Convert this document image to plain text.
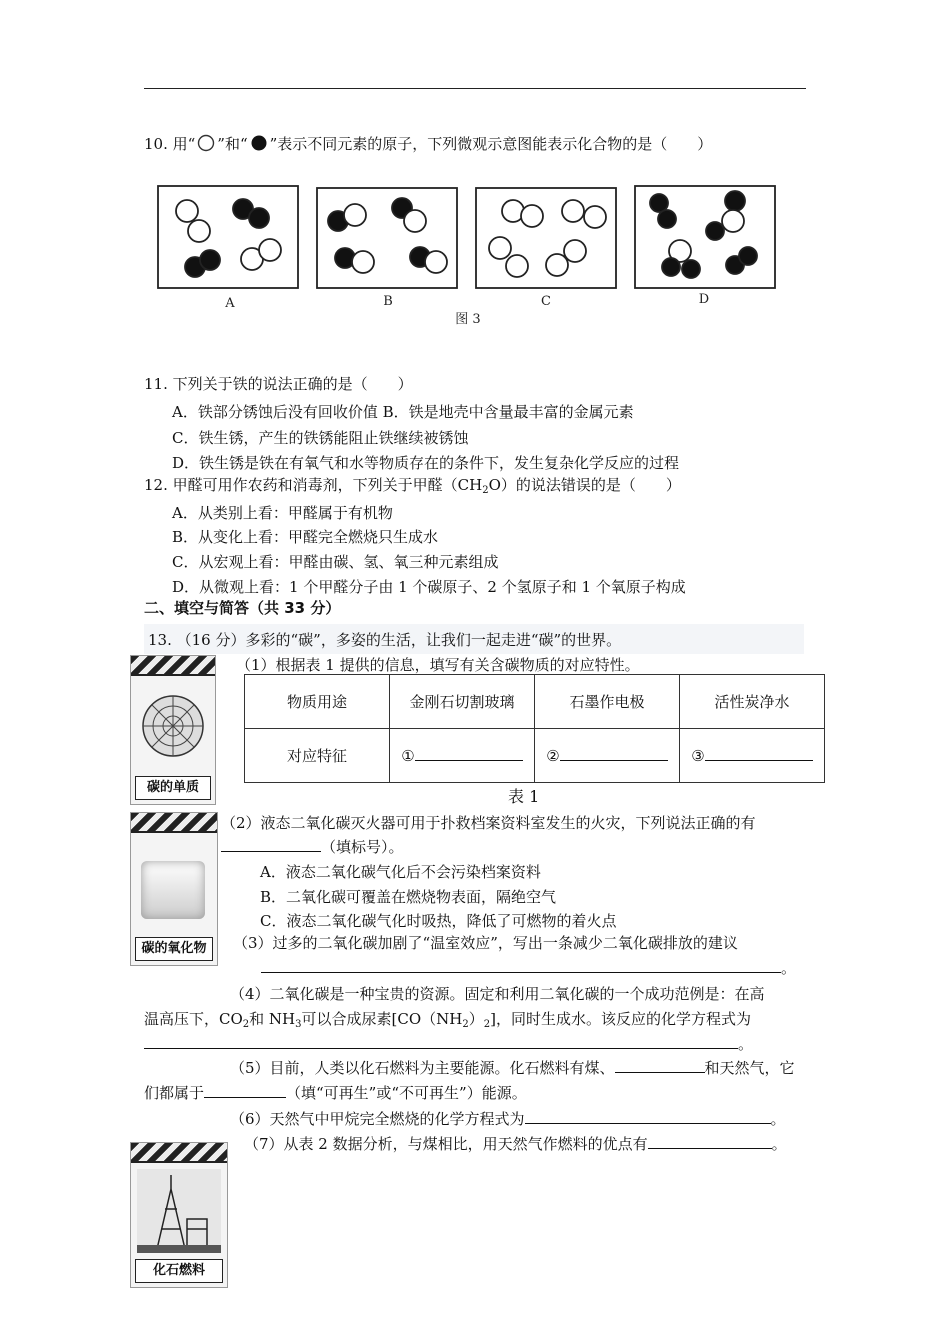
10. 用“ ”和“ ”表示不同元素的原子，下列微观示意图能表示化合物的是（　　）
A	B	C	D
图 3
11. 下列关于铁的说法正确的是（　　）
A．铁部分锈蚀后没有回收价值 B．铁是地壳中含量最丰富的金属元素
C．铁生锈，产生的铁锈能阻止铁继续被锈蚀
D．铁生锈是铁在有氧气和水等物质存在的条件下，发生复杂化学反应的过程
12. 甲醛可用作农药和消毒剂，下列关于甲醛$(CH_2O)$的说法错误的是（　　）
A．从类别上看：甲醛属于有机物
B．从变化上看：甲醛完全燃烧只生成水
C．从宏观上看：甲醛由碳、氢、氧三种元素组成
D．从微观上看：1 个甲醛分子由 1 个碳原子、2 个氢原子和 1 个氧原子构成
二、填空与简答（共 33 分）
13. （16 分）多彩的“碳”，多姿的生活，让我们一起走进“碳”的世界。
碳的单质
（1）根据表 1 提供的信息，填写有关含碳物质的对应特性。
物质用途	金刚石切割玻璃	石墨作电极	活性炭净水
对应特征	①	②	③
表 1
碳的氧化物
（2）液态二氧化碳灭火器可用于扑救档案资料室发生的火灾，下列说法正确的有
（填标号）。
A．液态二氧化碳气化后不会污染档案资料
B．二氧化碳可覆盖在燃烧物表面，隔绝空气
C．液态二氧化碳气化时吸热，降低了可燃物的着火点
（3）过多的二氧化碳加剧了“温室效应”，写出一条减少二氧化碳排放的建议
。
（4）二氧化碳是一种宝贵的资源。固定和利用二氧化碳的一个成功范例是：在高
温高压下，$CO_2$和 $NH_3$可以合成尿素$[CO(NH_2)_2]$，同时生成水。该反应的化学方程式为
。
（5）目前，人类以化石燃料为主要能源。化石燃料有煤、	和天然气，它
们都属于	（填“可再生”或“不可再生”）能源。
（6）天然气中甲烷完全燃烧的化学方程式为	。
（7）从表 2 数据分析，与煤相比，用天然气作燃料的优点有	。
化石燃料
